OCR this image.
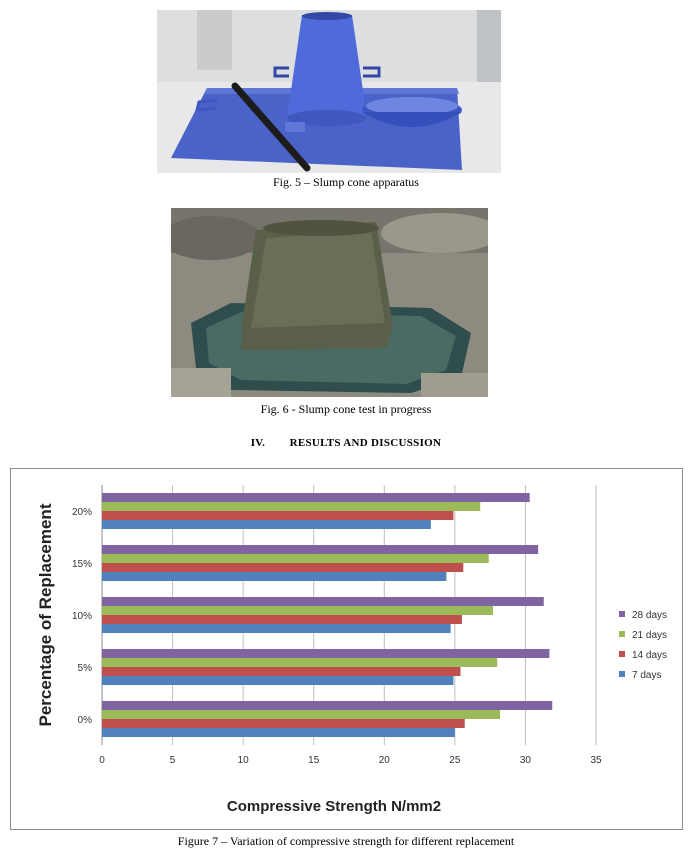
Fig. 5 – Slump cone apparatus
Fig. 6 - Slump cone test in progress
IV. RESULTS AND DISCUSSION
0	5	10	15	20	25	30	35
0%
5%
10%
15%
20%
Compressive Strength N/mm2
Percentage of Replacement	28 days
21 days
14 days
7 days
Figure 7 – Variation of compressive strength for different replacement
